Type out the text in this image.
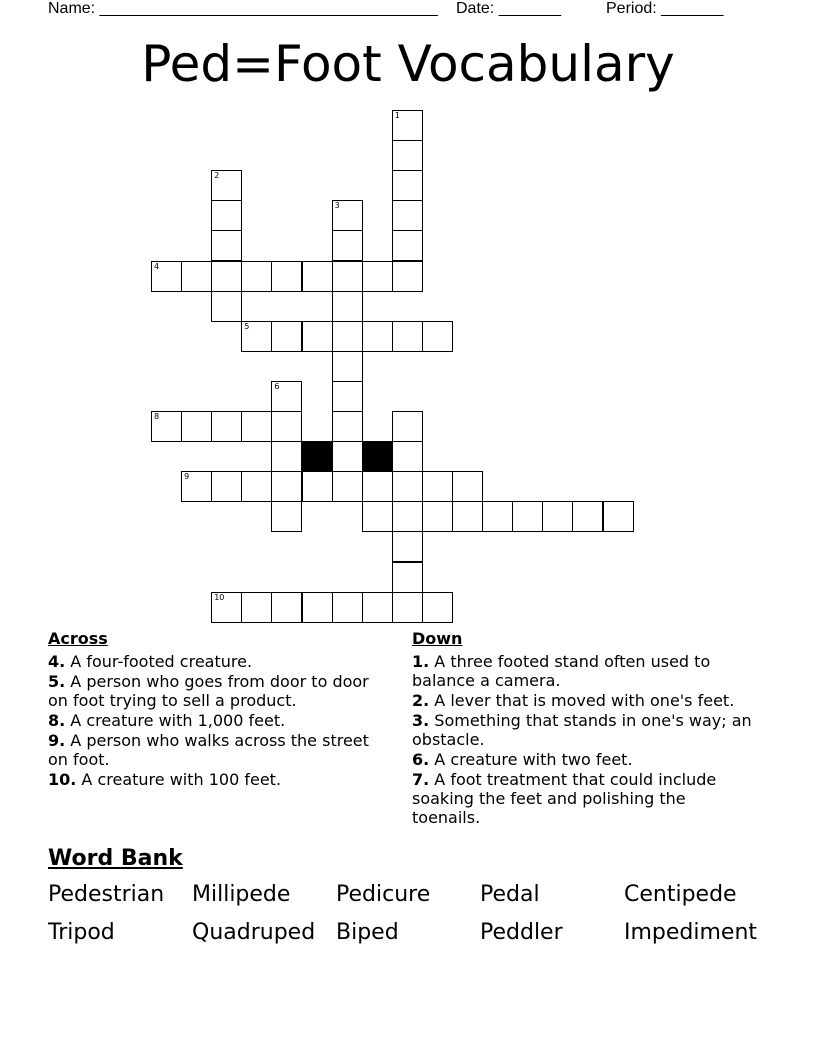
Name: ______________________________________ Date: _______	Period: _______
Ped=Foot Vocabulary
1
2
3
4
5
6
8
9
10
Across
4. A four-footed creature.
5. A person who goes from door to door on foot trying to sell a product.
8. A creature with 1,000 feet.
9. A person who walks across the street on foot.
10. A creature with 100 feet.
Down
1. A three footed stand often used to balance a camera.
2. A lever that is moved with one's feet.
3. Something that stands in one's way; an obstacle.
6. A creature with two feet.
7. A foot treatment that could include soaking the feet and polishing the toenails.
Word Bank
Pedestrian Millipede Pedicure Pedal	Centipede
Tripod	Quadruped Biped	Peddler	Impediment
